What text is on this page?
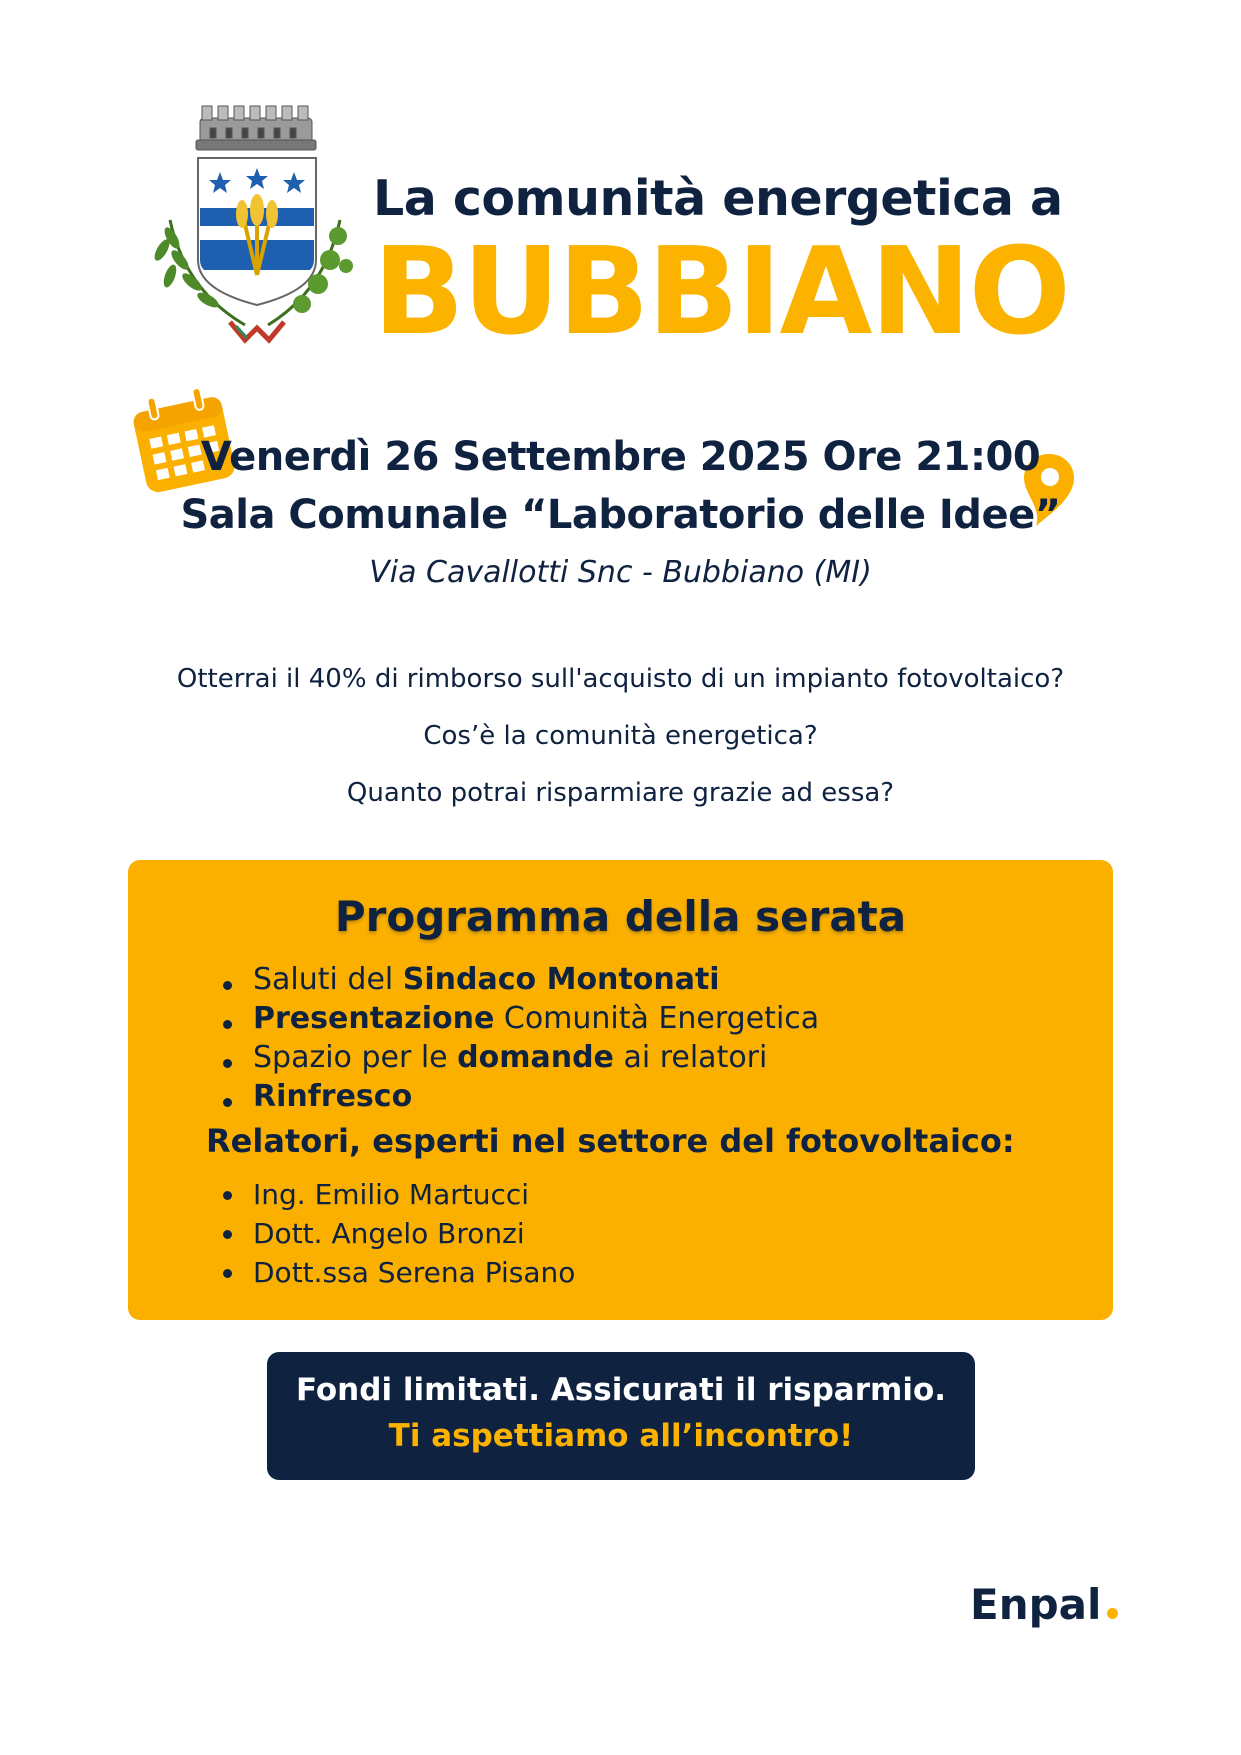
La comunità energetica a
BUBBIANO
Venerdì 26 Settembre 2025 Ore 21:00
Sala Comunale “Laboratorio delle Idee”
Via Cavallotti Snc - Bubbiano (MI)
Otterrai il 40% di rimborso sull'acquisto di un impianto fotovoltaico?
Cos’è la comunità energetica?
Quanto potrai risparmiare grazie ad essa?
Programma della serata
Saluti del Sindaco Montonati
Presentazione Comunità Energetica
Spazio per le domande ai relatori
Rinfresco
Relatori, esperti nel settore del fotovoltaico:
Ing. Emilio Martucci
Dott. Angelo Bronzi
Dott.ssa Serena Pisano
Fondi limitati. Assicurati il risparmio.
Ti aspettiamo all’incontro!
Enpal
